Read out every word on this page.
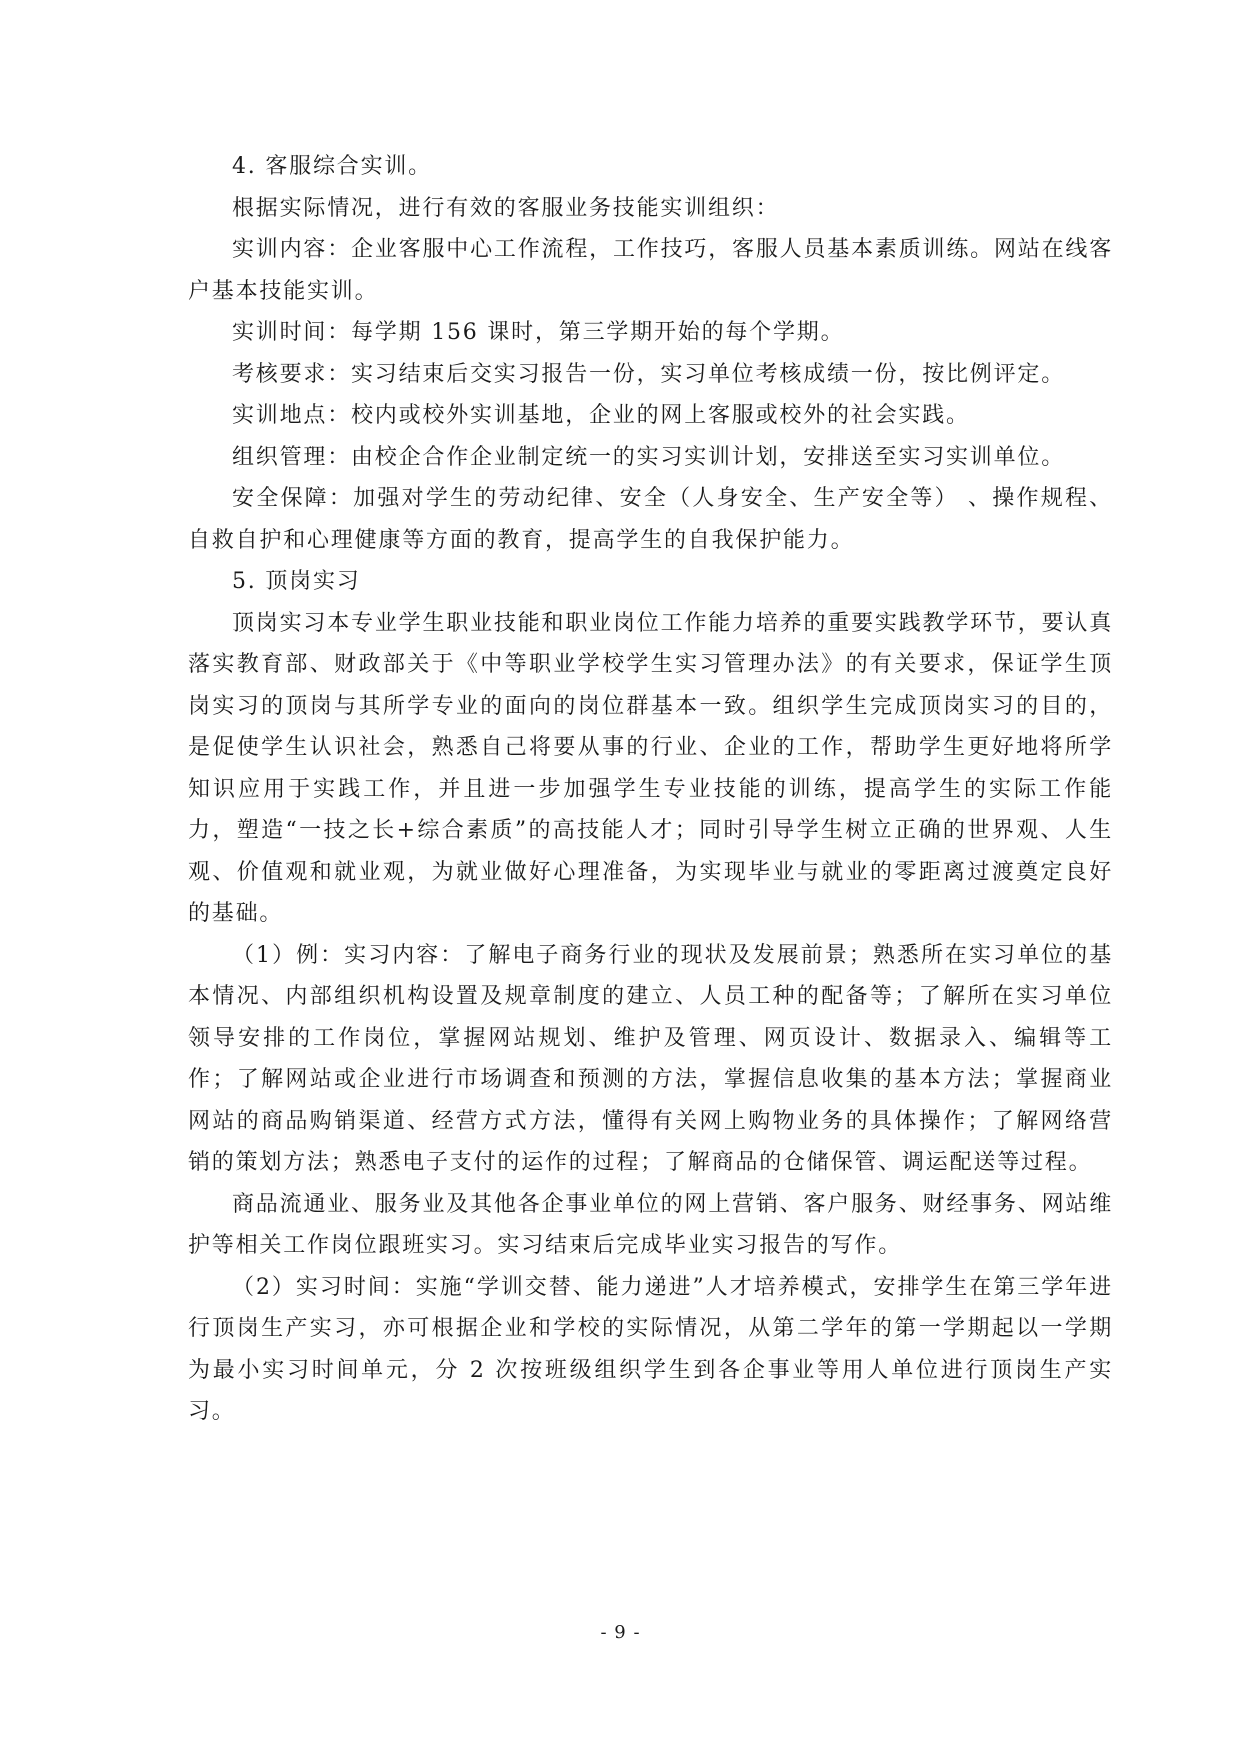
4. 客服综合实训。

根据实际情况，进行有效的客服业务技能实训组织：

实训内容：企业客服中心工作流程，工作技巧，客服人员基本素质训练。网站在线客户基本技能实训。

实训时间：每学期 156 课时，第三学期开始的每个学期。

考核要求：实习结束后交实习报告一份，实习单位考核成绩一份，按比例评定。

实训地点：校内或校外实训基地，企业的网上客服或校外的社会实践。

组织管理：由校企合作企业制定统一的实习实训计划，安排送至实习实训单位。

安全保障：加强对学生的劳动纪律、安全（人身安全、生产安全等） 、操作规程、自救自护和心理健康等方面的教育，提高学生的自我保护能力。

5. 顶岗实习

顶岗实习本专业学生职业技能和职业岗位工作能力培养的重要实践教学环节，要认真落实教育部、财政部关于《中等职业学校学生实习管理办法》的有关要求，保证学生顶岗实习的顶岗与其所学专业的面向的岗位群基本一致。组织学生完成顶岗实习的目的，是促使学生认识社会，熟悉自己将要从事的行业、企业的工作，帮助学生更好地将所学知识应用于实践工作，并且进一步加强学生专业技能的训练，提高学生的实际工作能力，塑造“一技之长+综合素质”的高技能人才；同时引导学生树立正确的世界观、人生观、价值观和就业观，为就业做好心理准备，为实现毕业与就业的零距离过渡奠定良好的基础。

（1）例：实习内容：了解电子商务行业的现状及发展前景；熟悉所在实习单位的基本情况、内部组织机构设置及规章制度的建立、人员工种的配备等；了解所在实习单位领导安排的工作岗位，掌握网站规划、维护及管理、网页设计、数据录入、编辑等工作；了解网站或企业进行市场调查和预测的方法，掌握信息收集的基本方法；掌握商业网站的商品购销渠道、经营方式方法，懂得有关网上购物业务的具体操作；了解网络营销的策划方法；熟悉电子支付的运作的过程；了解商品的仓储保管、调运配送等过程。

商品流通业、服务业及其他各企事业单位的网上营销、客户服务、财经事务、网站维护等相关工作岗位跟班实习。实习结束后完成毕业实习报告的写作。

（2）实习时间：实施“学训交替、能力递进”人才培养模式，安排学生在第三学年进行顶岗生产实习，亦可根据企业和学校的实际情况，从第二学年的第一学期起以一学期为最小实习时间单元，分 2 次按班级组织学生到各企事业等用人单位进行顶岗生产实习。

- 9 -
